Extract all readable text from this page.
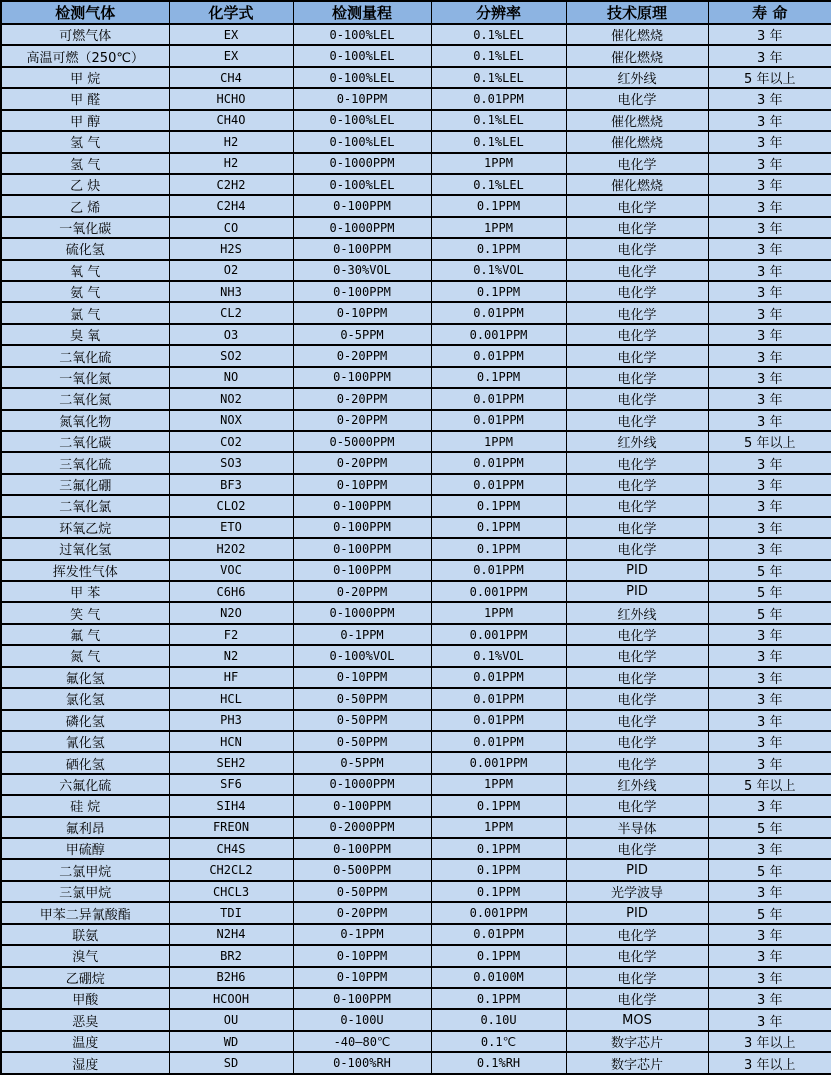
检测气体	化学式	检测量程	分辨率	技术原理	寿 命
可燃气体	EX	0-100%LEL	0.1%LEL	催化燃烧	3 年
高温可燃（250℃）	EX	0-100%LEL	0.1%LEL	催化燃烧	3 年
甲 烷	CH4	0-100%LEL	0.1%LEL	红外线	5 年以上
甲 醛	HCHO	0-10PPM	0.01PPM	电化学	3 年
甲 醇	CH4O	0-100%LEL	0.1%LEL	催化燃烧	3 年
氢 气	H2	0-100%LEL	0.1%LEL	催化燃烧	3 年
氢 气	H2	0-1000PPM	1PPM	电化学	3 年
乙 炔	C2H2	0-100%LEL	0.1%LEL	催化燃烧	3 年
乙 烯	C2H4	0-100PPM	0.1PPM	电化学	3 年
一氧化碳	CO	0-1000PPM	1PPM	电化学	3 年
硫化氢	H2S	0-100PPM	0.1PPM	电化学	3 年
氧 气	O2	0-30%VOL	0.1%VOL	电化学	3 年
氨 气	NH3	0-100PPM	0.1PPM	电化学	3 年
氯 气	CL2	0-10PPM	0.01PPM	电化学	3 年
臭 氧	O3	0-5PPM	0.001PPM	电化学	3 年
二氧化硫	SO2	0-20PPM	0.01PPM	电化学	3 年
一氧化氮	NO	0-100PPM	0.1PPM	电化学	3 年
二氧化氮	NO2	0-20PPM	0.01PPM	电化学	3 年
氮氧化物	NOX	0-20PPM	0.01PPM	电化学	3 年
二氧化碳	CO2	0-5000PPM	1PPM	红外线	5 年以上
三氧化硫	SO3	0-20PPM	0.01PPM	电化学	3 年
三氟化硼	BF3	0-10PPM	0.01PPM	电化学	3 年
二氧化氯	CLO2	0-100PPM	0.1PPM	电化学	3 年
环氧乙烷	ETO	0-100PPM	0.1PPM	电化学	3 年
过氧化氢	H2O2	0-100PPM	0.1PPM	电化学	3 年
挥发性气体	VOC	0-100PPM	0.01PPM	PID	5 年
甲 苯	C6H6	0-20PPM	0.001PPM	PID	5 年
笑 气	N2O	0-1000PPM	1PPM	红外线	5 年
氟 气	F2	0-1PPM	0.001PPM	电化学	3 年
氮 气	N2	0-100%VOL	0.1%VOL	电化学	3 年
氟化氢	HF	0-10PPM	0.01PPM	电化学	3 年
氯化氢	HCL	0-50PPM	0.01PPM	电化学	3 年
磷化氢	PH3	0-50PPM	0.01PPM	电化学	3 年
氰化氢	HCN	0-50PPM	0.01PPM	电化学	3 年
硒化氢	SEH2	0-5PPM	0.001PPM	电化学	3 年
六氟化硫	SF6	0-1000PPM	1PPM	红外线	5 年以上
硅 烷	SIH4	0-100PPM	0.1PPM	电化学	3 年
氟利昂	FREON	0-2000PPM	1PPM	半导体	5 年
甲硫醇	CH4S	0-100PPM	0.1PPM	电化学	3 年
二氯甲烷	CH2CL2	0-500PPM	0.1PPM	PID	5 年
三氯甲烷	CHCL3	0-50PPM	0.1PPM	光学波导	3 年
甲苯二异氰酸酯	TDI	0-20PPM	0.001PPM	PID	5 年
联氨	N2H4	0-1PPM	0.01PPM	电化学	3 年
溴气	BR2	0-10PPM	0.1PPM	电化学	3 年
乙硼烷	B2H6	0-10PPM	0.0100M	电化学	3 年
甲酸	HCOOH	0-100PPM	0.1PPM	电化学	3 年
恶臭	OU	0-100U	0.10U	MOS	3 年
温度	WD	-40—80℃	0.1℃	数字芯片	3 年以上
湿度	SD	0-100%RH	0.1%RH	数字芯片	3 年以上
